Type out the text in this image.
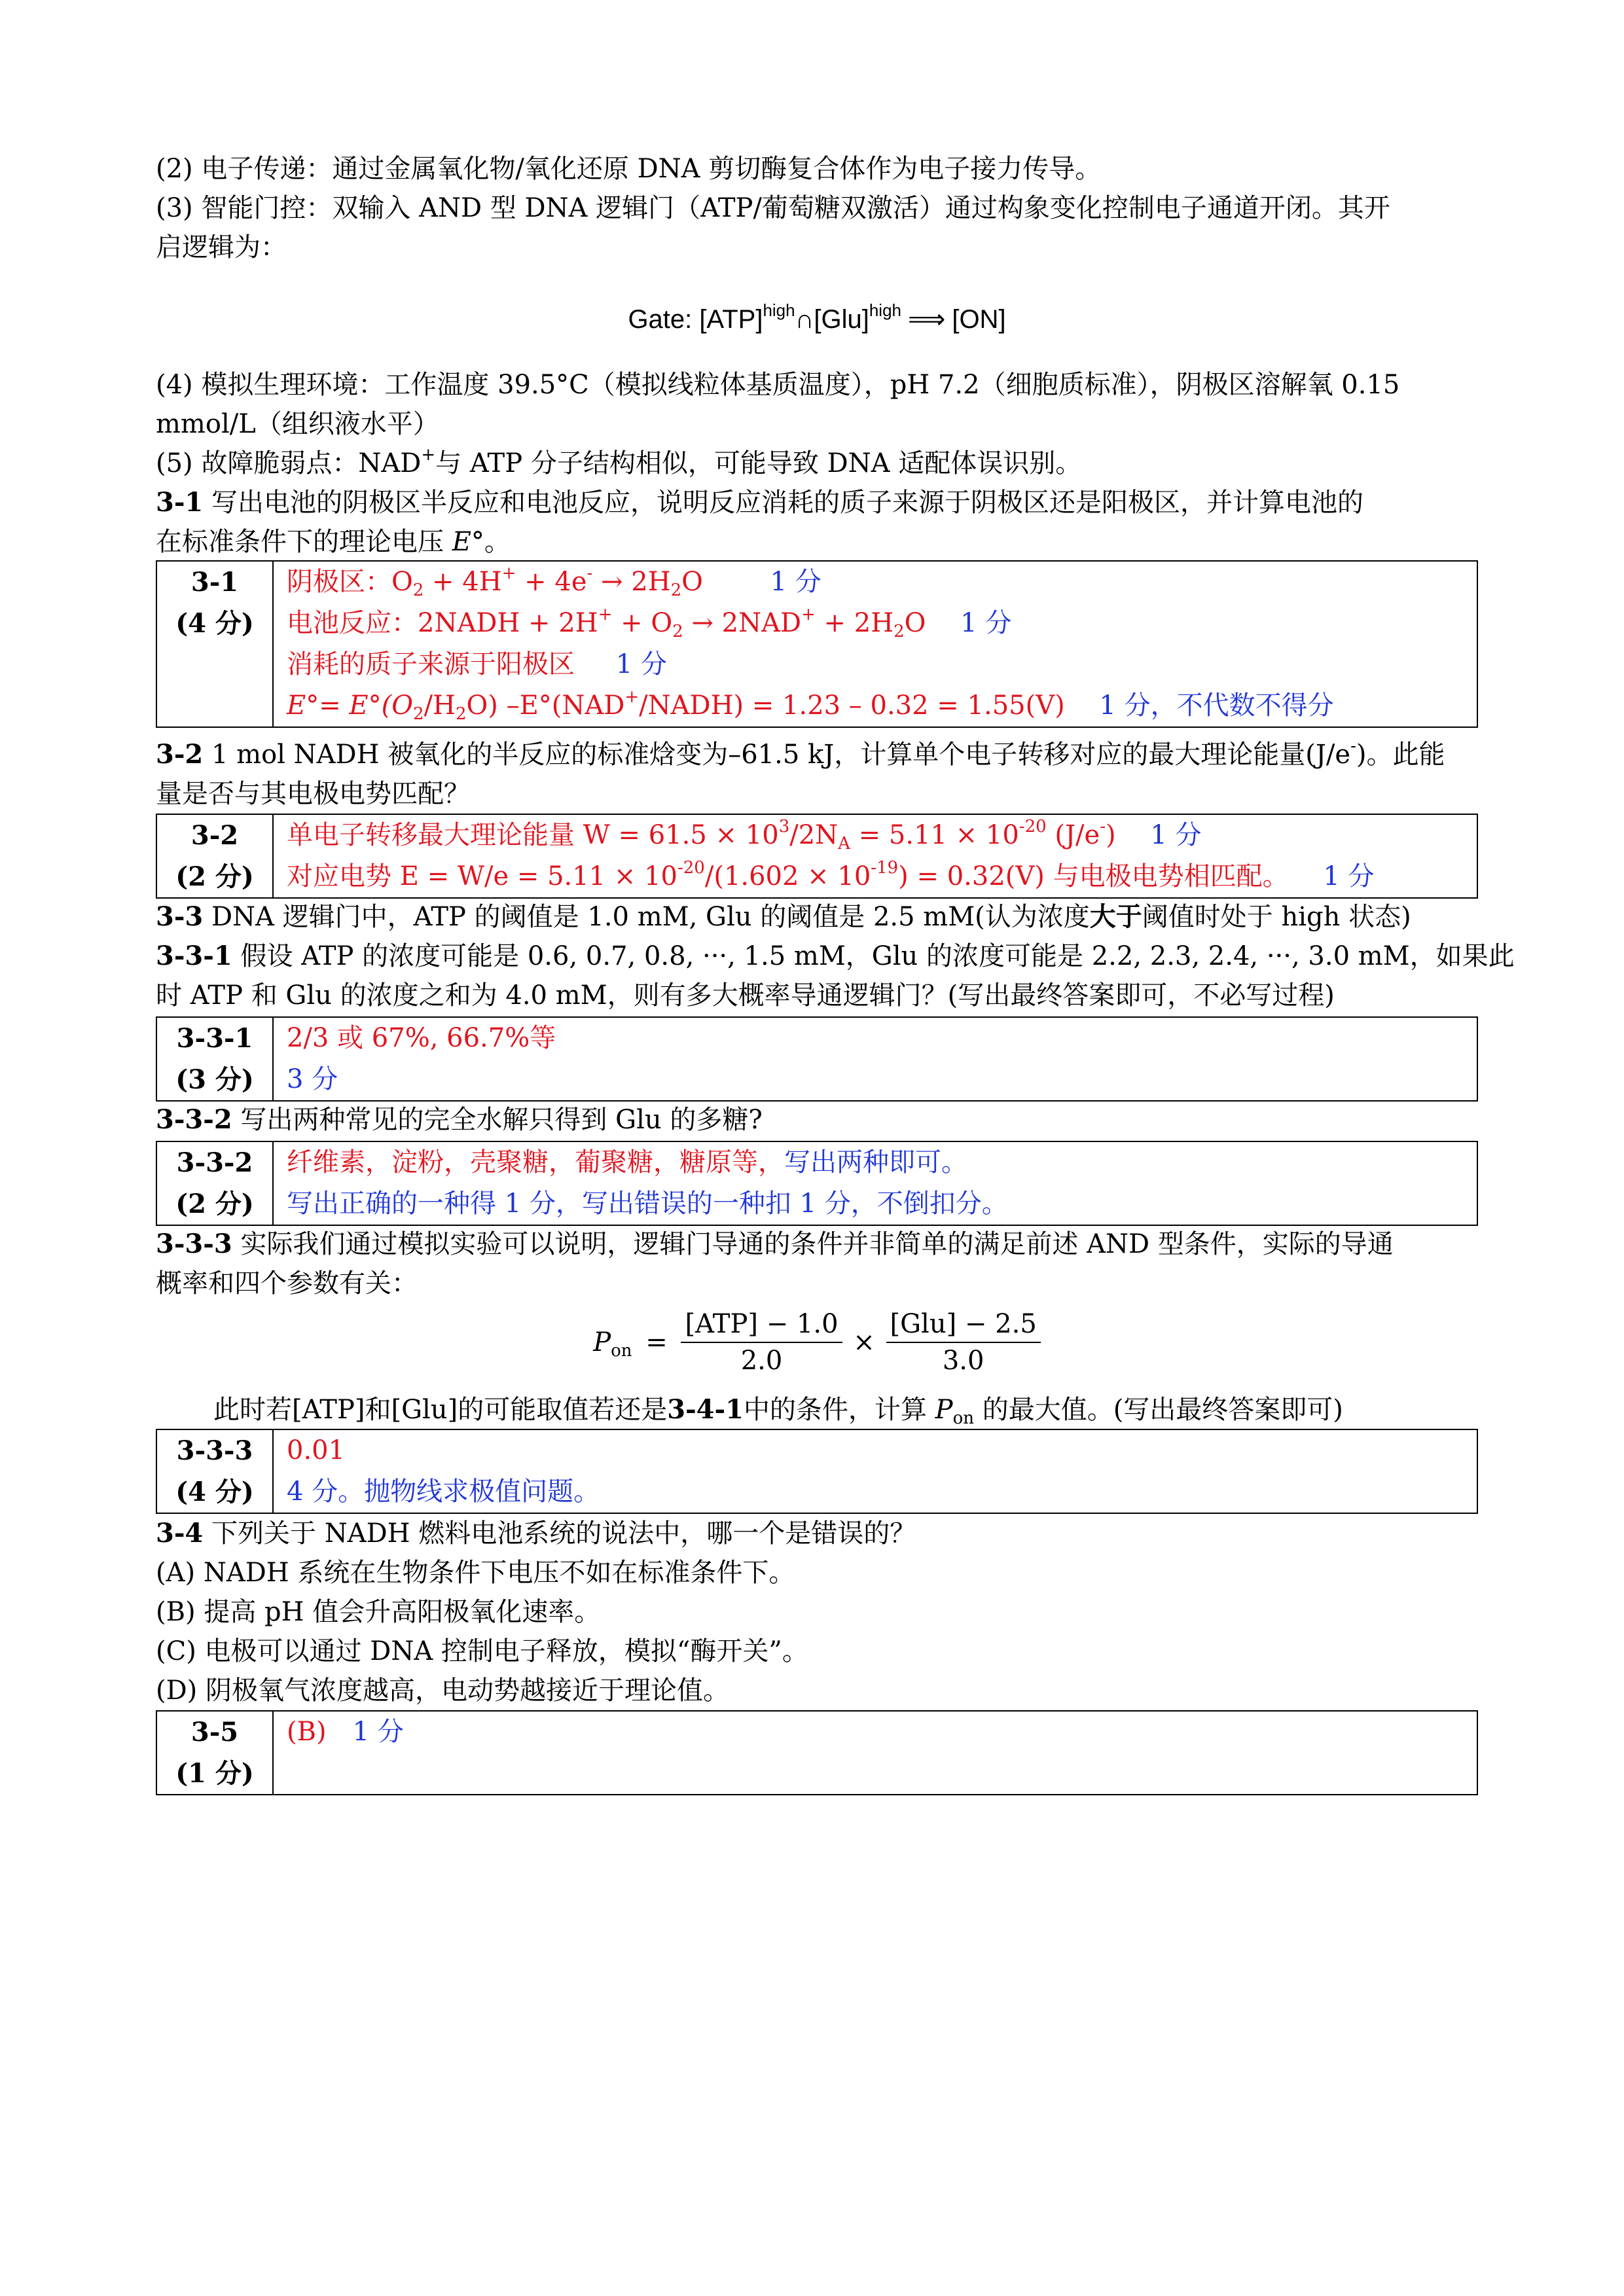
(2) 电子传递：通过金属氧化物/氧化还原 DNA 剪切酶复合体作为电子接力传导。
(3) 智能门控：双输入 AND 型 DNA 逻辑门（ATP/葡萄糖双激活）通过构象变化控制电子通道开闭。其开
启逻辑为：
Gate: [ATP]$^{high}$∩[Glu]$^{high}$ ⟹ [ON]
(4) 模拟生理环境：工作温度 39.5°C（模拟线粒体基质温度），pH 7.2（细胞质标准），阴极区溶解氧 0.15
mmol/L（组织液水平）
(5) 故障脆弱点：NAD+与 ATP 分子结构相似，可能导致 DNA 适配体误识别。
3-1 写出电池的阴极区半反应和电池反应，说明反应消耗的质子来源于阴极区还是阳极区，并计算电池的
在标准条件下的理论电压 E°。
3-1
(4 分)

阴极区：$O_2 + 4H^+ + 4e^- \to 2H_2O$	1 分
电池反应：2NADH + $2H^+ + O_2 \to 2NAD^+ + 2H_2O$ 1 分
消耗的质子来源于阳极区 1 分
$E^\circ= E^\circ(O_2/H_2O)$ –E°(NAD+/NADH) = 1.23 – 0.32 = 1.55(V) 1 分，不代数不得分
3-2 1 mol NADH 被氧化的半反应的标准焓变为–61.5 kJ，计算单个电子转移对应的最大理论能量(J/e-)。此能
量是否与其电极电势匹配？
3-2
(2 分)

单电子转移最大理论能量 $W = 61.5 \times 10^3/2N_A = 5.11 \times 10^{-20}$ (J/e-) 1 分
对应电势 $E = W/e = 5.11 \times 10^{-20}/(1.602 \times 10^{-19}) = 0.32(V)$ 与电极电势相匹配。 1 分
3-3 DNA 逻辑门中，ATP 的阈值是 1.0 mM, Glu 的阈值是 2.5 mM(认为浓度大于阈值时处于 high 状态)
3-3-1 假设 ATP 的浓度可能是 0.6, 0.7, 0.8, ···, 1.5 mM，Glu 的浓度可能是 2.2, 2.3, 2.4, ···, 3.0 mM，如果此
时 ATP 和 Glu 的浓度之和为 4.0 mM，则有多大概率导通逻辑门？(写出最终答案即可，不必写过程)
3-3-1
(3 分)

2/3 或 67%, 66.7%等
3 分
3-3-2 写出两种常见的完全水解只得到 Glu 的多糖?
3-3-2
(2 分)

纤维素，淀粉，壳聚糖，葡聚糖，糖原等，写出两种即可。
写出正确的一种得 1 分，写出错误的一种扣 1 分，不倒扣分。
3-3-3 实际我们通过模拟实验可以说明，逻辑门导通的条件并非简单的满足前述 AND 型条件，实际的导通
概率和四个参数有关：
$P_{on} = \frac{\text{[ATP] − 1.0}}{2.0} \times \frac{\text{[Glu] − 2.5}}{3.0}$
此时若[ATP]和[Glu]的可能取值若还是3-4-1中的条件，计算 $P_{on}$ 的最大值。(写出最终答案即可)
3-3-3
(4 分)

0.01
4 分。抛物线求极值问题。
3-4 下列关于 NADH 燃料电池系统的说法中，哪一个是错误的？
(A) NADH 系统在生物条件下电压不如在标准条件下。
(B) 提高 pH 值会升高阳极氧化速率。
(C) 电极可以通过 DNA 控制电子释放，模拟“酶开关”。
(D) 阴极氧气浓度越高，电动势越接近于理论值。
3-5
(1 分)

(B) 1 分
